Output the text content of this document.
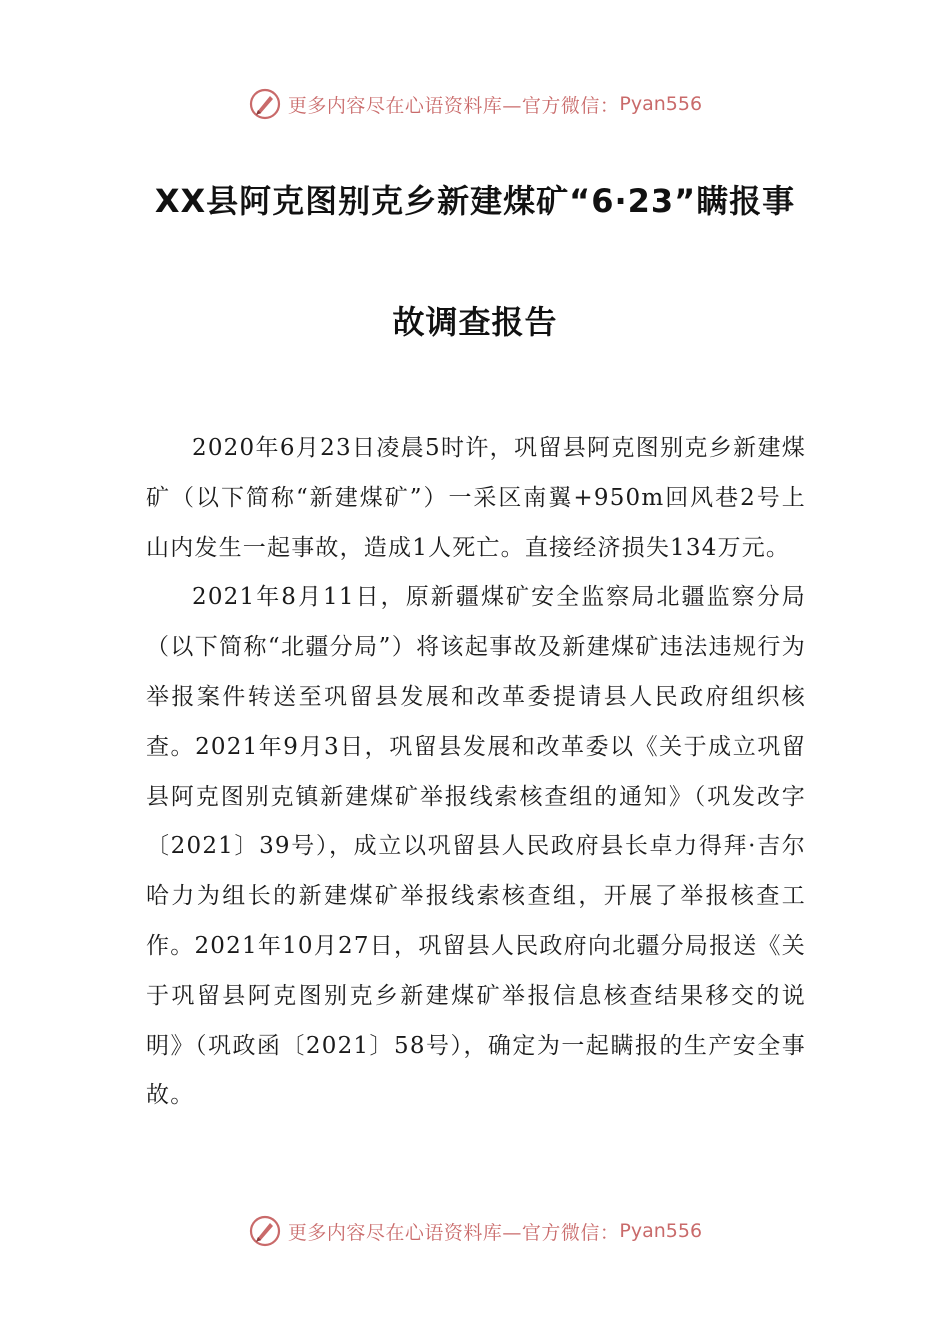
更多内容尽在心语资料库—官方微信： Pyan556
XX县阿克图别克乡新建煤矿“6·23”瞒报事
故调查报告

2020年6月23日凌晨5时许，巩留县阿克图别克乡新建煤矿（以下简称“新建煤矿”）一采区南翼+950m回风巷2号上山内发生一起事故，造成1人死亡。直接经济损失134万元。

2021年8月11日，原新疆煤矿安全监察局北疆监察分局（以下简称“北疆分局”）将该起事故及新建煤矿违法违规行为举报案件转送至巩留县发展和改革委提请县人民政府组织核查。2021年9月3日，巩留县发展和改革委以《关于成立巩留县阿克图别克镇新建煤矿举报线索核查组的通知》（巩发改字〔2021〕39号），成立以巩留县人民政府县长卓力得拜·吉尔哈力为组长的新建煤矿举报线索核查组，开展了举报核查工作。2021年10月27日，巩留县人民政府向北疆分局报送《关于巩留县阿克图别克乡新建煤矿举报信息核查结果移交的说明》（巩政函〔2021〕58号），确定为一起瞒报的生产安全事故。

更多内容尽在心语资料库—官方微信： Pyan556
